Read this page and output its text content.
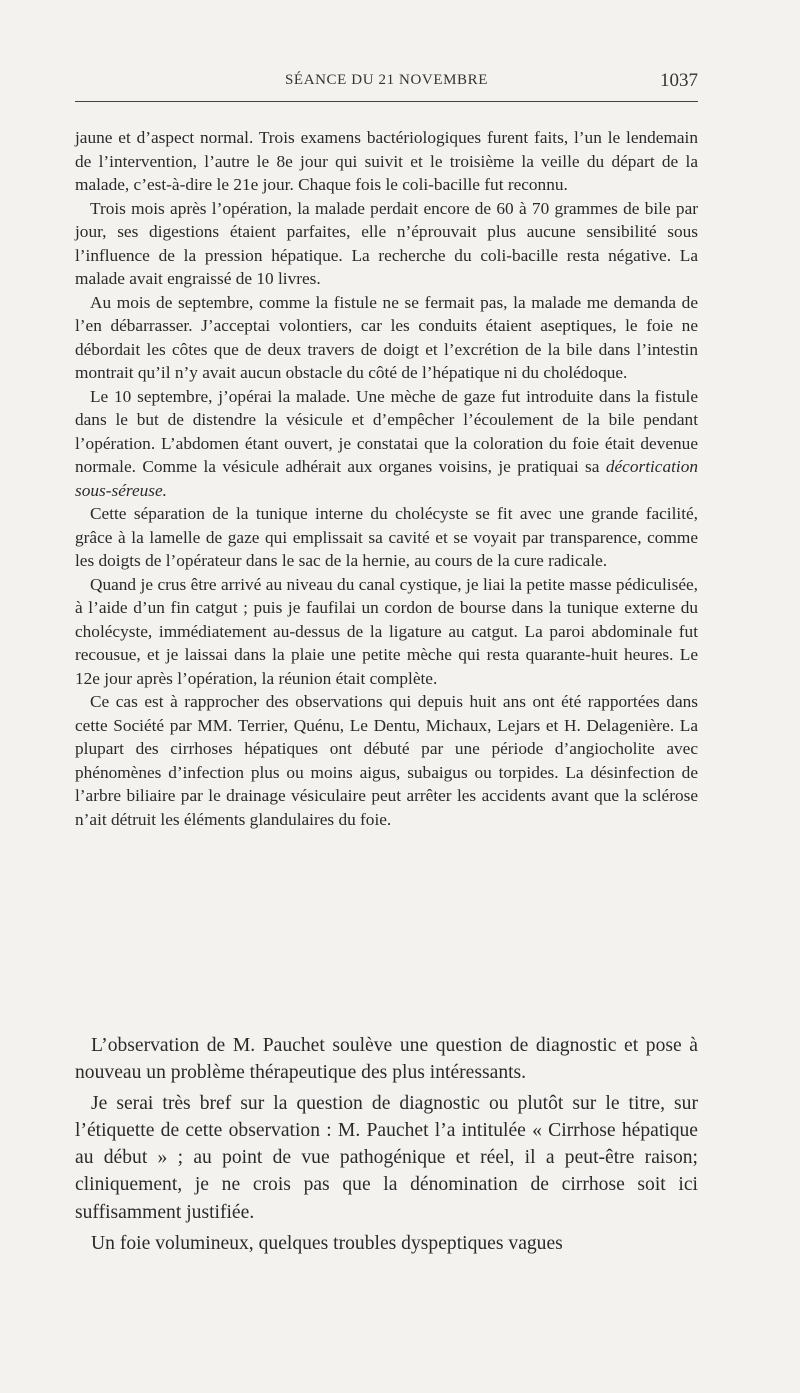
SÉANCE DU 21 NOVEMBRE	1037

jaune et d’aspect normal. Trois examens bactériologiques furent faits, l’un le lendemain de l’intervention, l’autre le 8e jour qui suivit et le troisième la veille du départ de la malade, c’est-à-dire le 21e jour. Chaque fois le coli-bacille fut reconnu.

Trois mois après l’opération, la malade perdait encore de 60 à 70 grammes de bile par jour, ses digestions étaient parfaites, elle n’éprouvait plus aucune sensibilité sous l’influence de la pression hépatique. La recherche du coli-bacille resta négative. La malade avait engraissé de 10 livres.

Au mois de septembre, comme la fistule ne se fermait pas, la malade me demanda de l’en débarrasser. J’acceptai volontiers, car les conduits étaient aseptiques, le foie ne débordait les côtes que de deux travers de doigt et l’excrétion de la bile dans l’intestin montrait qu’il n’y avait aucun obstacle du côté de l’hépatique ni du cholédoque.

Le 10 septembre, j’opérai la malade. Une mèche de gaze fut introduite dans la fistule dans le but de distendre la vésicule et d’empêcher l’écoulement de la bile pendant l’opération. L’abdomen étant ouvert, je constatai que la coloration du foie était devenue normale. Comme la vésicule adhérait aux organes voisins, je pratiquai sa décortication sous-séreuse.

Cette séparation de la tunique interne du cholécyste se fit avec une grande facilité, grâce à la lamelle de gaze qui emplissait sa cavité et se voyait par transparence, comme les doigts de l’opérateur dans le sac de la hernie, au cours de la cure radicale.

Quand je crus être arrivé au niveau du canal cystique, je liai la petite masse pédiculisée, à l’aide d’un fin catgut ; puis je faufilai un cordon de bourse dans la tunique externe du cholécyste, immédiatement au-dessus de la ligature au catgut. La paroi abdominale fut recousue, et je laissai dans la plaie une petite mèche qui resta quarante-huit heures. Le 12e jour après l’opération, la réunion était complète.

Ce cas est à rapprocher des observations qui depuis huit ans ont été rapportées dans cette Société par MM. Terrier, Quénu, Le Dentu, Michaux, Lejars et H. Delagenière. La plupart des cirrhoses hépatiques ont débuté par une période d’angiocholite avec phénomènes d’infection plus ou moins aigus, subaigus ou torpides. La désinfection de l’arbre biliaire par le drainage vésiculaire peut arrêter les accidents avant que la sclérose n’ait détruit les éléments glandulaires du foie.

L’observation de M. Pauchet soulève une question de diagnostic et pose à nouveau un problème thérapeutique des plus intéressants.

Je serai très bref sur la question de diagnostic ou plutôt sur le titre, sur l’étiquette de cette observation : M. Pauchet l’a intitulée « Cirrhose hépatique au début » ; au point de vue pathogénique et réel, il a peut-être raison; cliniquement, je ne crois pas que la dénomination de cirrhose soit ici suffisamment justifiée.

Un foie volumineux, quelques troubles dyspeptiques vagues
